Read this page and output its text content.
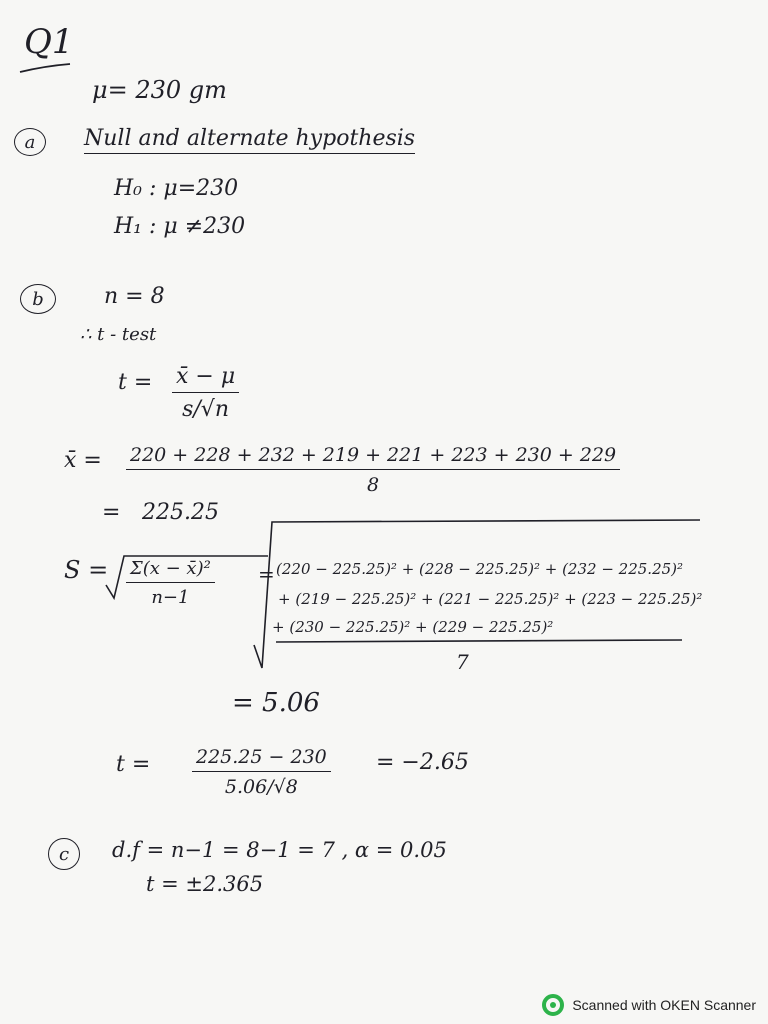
Q1
μ= 230 gm
a	Null and alternate hypothesis
H₀ : μ=230
H₁ : μ ≠230
b	n = 8
∴ t - test
$t = \frac{x̄ - \mu}{s/√n}$
x̄ = $\frac{220 + 228 + 232 + 219 + 221 + 223 + 230 + 229}{8}$
= 225.25
$S = \frac{\text{Σ(x − x̄)²}}{n-1} = (220 - 225.25)^2 + (228 - 225.25)^2 + (232 - 225.25)^2$
+ (219 − 225.25)² + (221 − 225.25)² + (223 − 225.25)²
+ (230 − 225.25)² + (229 − 225.25)²
7
= 5.06
$t = \frac{225.25 - 230}{5.06/√8} = -2.65$
c	d.f = n−1 = 8−1 = 7 , α = 0.05
t = ±2.365
Scanned with OKEN Scanner
